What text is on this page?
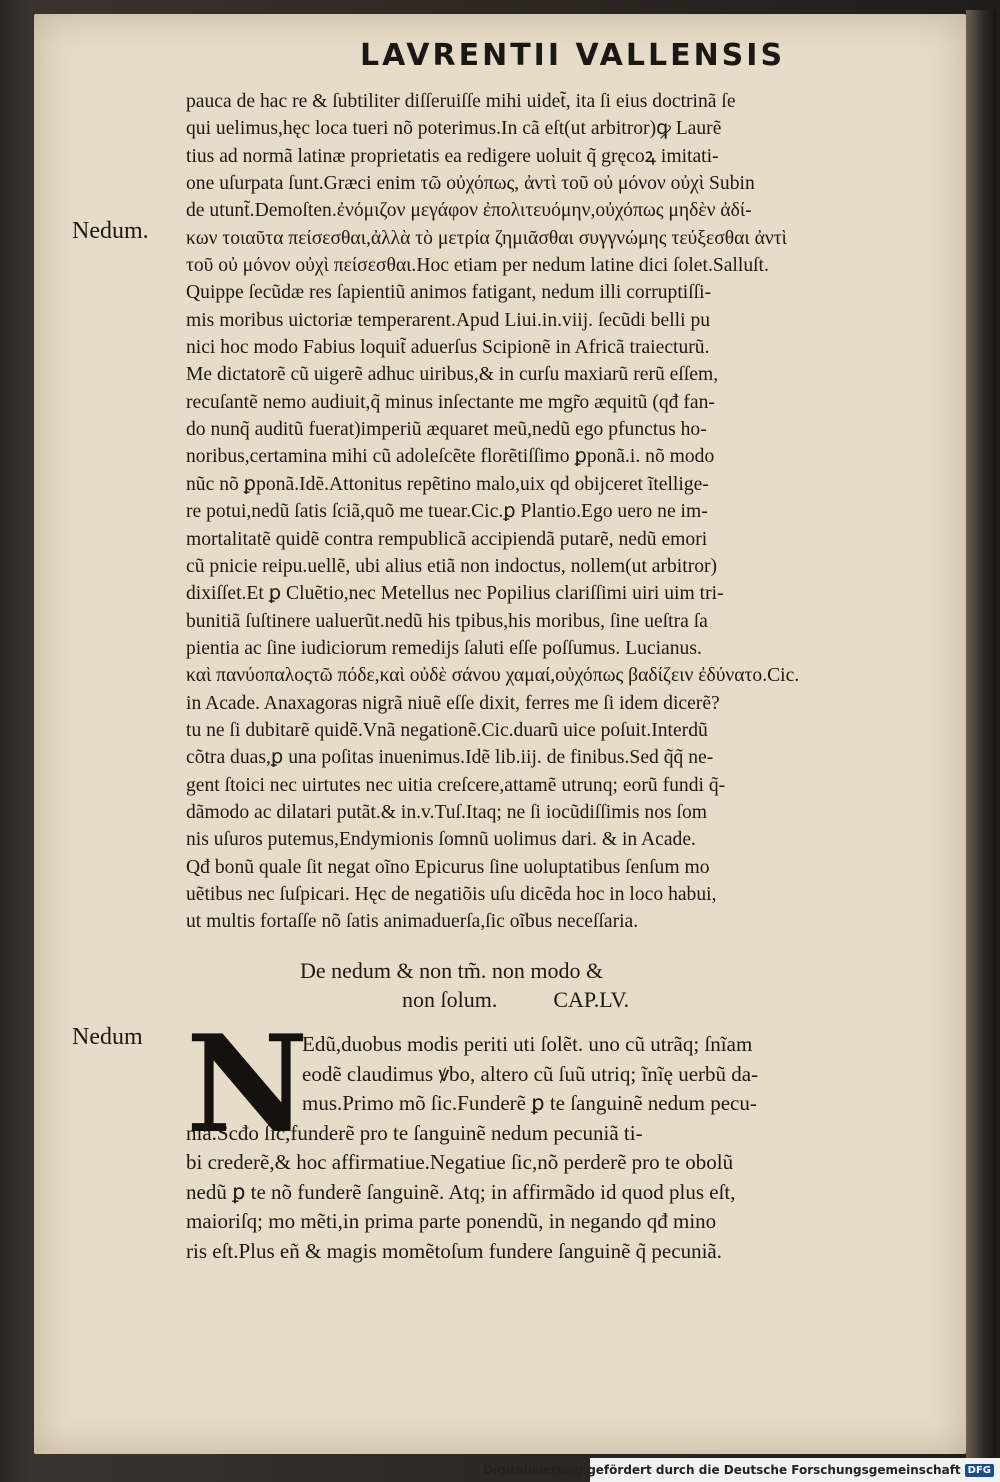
LAVRENTII VALLENSIS
Nedum.
pauca de hac re & ſubtiliter diſſeruiſſe mihi uidet̃, ita ſi eius doctrinã ſe
qui uelimus,hęc loca tueri nõ poterimus.In cã eſt(ut arbitror)ꝙ Laurẽ
tius ad normã latinæ proprietatis ea redigere uoluit q̃ gręcoꝝ imitati-
one uſurpata ſunt.Græci enim τῶ οὐχόπως, ἀντὶ τοῦ οὐ μόνον οὐχὶ Subin
de utunt̃.Demoſten.ἐνόμιζον μεγάφον ἐπολιτευόμην,οὐχόπως μηδὲν ἀδί-
κων τοιαῦτα πείσεσθαι,ἀλλὰ τὸ μετρία ζημιᾶσθαι συγγνώμης τεύξεσθαι ἀντὶ
τοῦ οὐ μόνον οὐχὶ πείσεσθαι.Hoc etiam per nedum latine dici ſolet.Salluſt.
Quippe ſecũdæ res ſapientiũ animos fatigant, nedum illi corruptiſſi-
mis moribus uictoriæ temperarent.Apud Liui.in.viij. ſecũdi belli pu
nici hoc modo Fabius loquit̃ aduerſus Scipionẽ in Africã traiecturũ.
Me dictatorẽ cũ uigerẽ adhuc uiribus,& in curſu maxiarũ rerũ eſſem,
recuſantẽ nemo audiuit,q̃ minus inſectante me mgr̃o æquitũ (qđ fan-
do nunq̃ auditũ fuerat)imperiũ æquaret meũ,nedũ ego pfunctus ho-
noribus,certamina mihi cũ adoleſcẽte florẽtiſſimo ꝑponã.i. nõ modo
nũc nõ ꝑponã.Idẽ.Attonitus repẽtino malo,uix qd obijceret ĩtellige-
re potui,nedũ ſatis ſciã,quõ me tuear.Cic.ꝑ Plantio.Ego uero ne im-
mortalitatẽ quidẽ contra rempublicã accipiendã putarẽ, nedũ emori
cũ pnicie reipu.uellẽ, ubi alius etiã non indoctus, nollem(ut arbitror)
dixiſſet.Et ꝑ Cluẽtio,nec Metellus nec Popilius clariſſimi uiri uim tri-
bunitiã ſuſtinere ualuerũt.nedũ his tpibus,his moribus, ſine ueſtra ſa
pientia ac ſine iudiciorum remedijs ſaluti eſſe poſſumus. Lucianus.
καὶ πανύοπαλοςτῶ πόδε,καὶ οὐδὲ σάνου χαμαί,οὐχόπως βαδίζειν ἐδύνατο.Cic.
in Acade. Anaxagoras nigrã niuẽ eſſe dixit, ferres me ſi idem dicerẽ?
tu ne ſi dubitarẽ quidẽ.Vnã negationẽ.Cic.duarũ uice poſuit.Interdũ
cõtra duas,ꝑ una poſitas inuenimus.Idẽ lib.iij. de finibus.Sed q̃q̃ ne-
gent ſtoici nec uirtutes nec uitia creſcere,attamẽ utrunq; eorũ fundi q̃-
dãmodo ac dilatari putãt.& in.v.Tuſ.Itaq; ne ſi iocũdiſſimis nos ſom
nis uſuros putemus,Endymionis ſomnũ uolimus dari. & in Acade.
Qđ bonũ quale ſit negat oĩno Epicurus ſine uoluptatibus ſenſum mo
uẽtibus nec ſuſpicari. Hęc de negatiõis uſu dicẽda hoc in loco habui,
ut multis fortaſſe nõ ſatis animaduerſa,ſic oĩbus neceſſaria.
De nedum & non tm̃. non modo &
non ſolum.	CAP.LV.
Nedum N
Edũ,duobus modis periti uti ſolẽt. uno cũ utrãq; ſnĩam
eodẽ claudimus ꝟbo, altero cũ ſuũ utriq; ĩnĩę uerbũ da-
mus.Primo mõ ſic.Funderẽ ꝑ te ſanguinẽ nedum pecu-
niã.Scđo ſic,funderẽ pro te ſanguinẽ nedum pecuniã ti-
bi crederẽ,& hoc affirmatiue.Negatiue ſic,nõ perderẽ pro te obolũ
nedũ ꝑ te nõ funderẽ ſanguinẽ. Atq; in affirmãdo id quod plus eſt,
maioriſq; mo mẽti,in prima parte ponendũ, in negando qđ mino
ris eſt.Plus eñ & magis momẽtoſum fundere ſanguinẽ q̃ pecuniã.
Digitalisierung gefördert durch die Deutsche Forschungsgemeinschaft DFG
